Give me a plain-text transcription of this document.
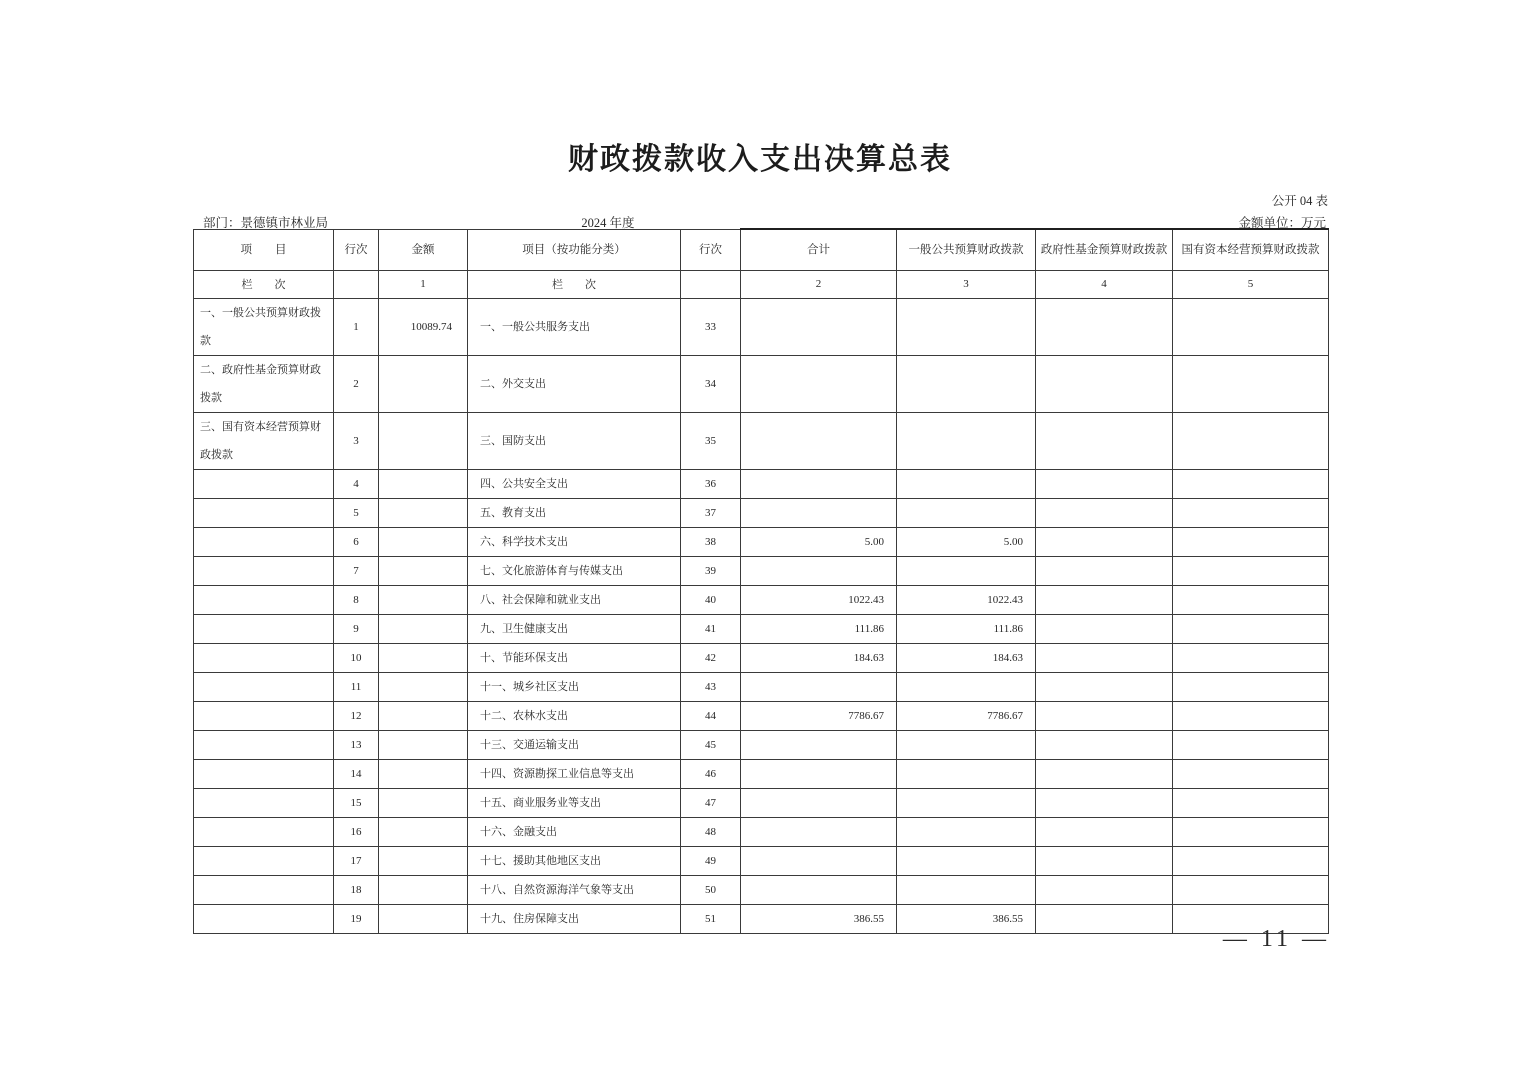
财政拨款收入支出决算总表
公开 04 表
部门：景德镇市林业局	2024 年度	金额单位：万元
项　　目	行次	金额	项目（按功能分类）	行次	合计	一般公共预算财政拨款	政府性基金预算财政拨款	国有资本经营预算财政拨款
栏　　次		1	栏　　次		2	3	4	5
一、一般公共预算财政拨款	1	10089.74	一、一般公共服务支出	33				
二、政府性基金预算财政拨款	2		二、外交支出	34				
三、国有资本经营预算财政拨款	3		三、国防支出	35				
	4		四、公共安全支出	36				
	5		五、教育支出	37				
	6		六、科学技术支出	38	5.00	5.00		
	7		七、文化旅游体育与传媒支出	39				
	8		八、社会保障和就业支出	40	1022.43	1022.43		
	9		九、卫生健康支出	41	111.86	111.86		
	10		十、节能环保支出	42	184.63	184.63		
	11		十一、城乡社区支出	43				
	12		十二、农林水支出	44	7786.67	7786.67		
	13		十三、交通运输支出	45				
	14		十四、资源勘探工业信息等支出	46				
	15		十五、商业服务业等支出	47				
	16		十六、金融支出	48				
	17		十七、援助其他地区支出	49				
	18		十八、自然资源海洋气象等支出	50				
	19		十九、住房保障支出	51	386.55	386.55		
— 11 —
